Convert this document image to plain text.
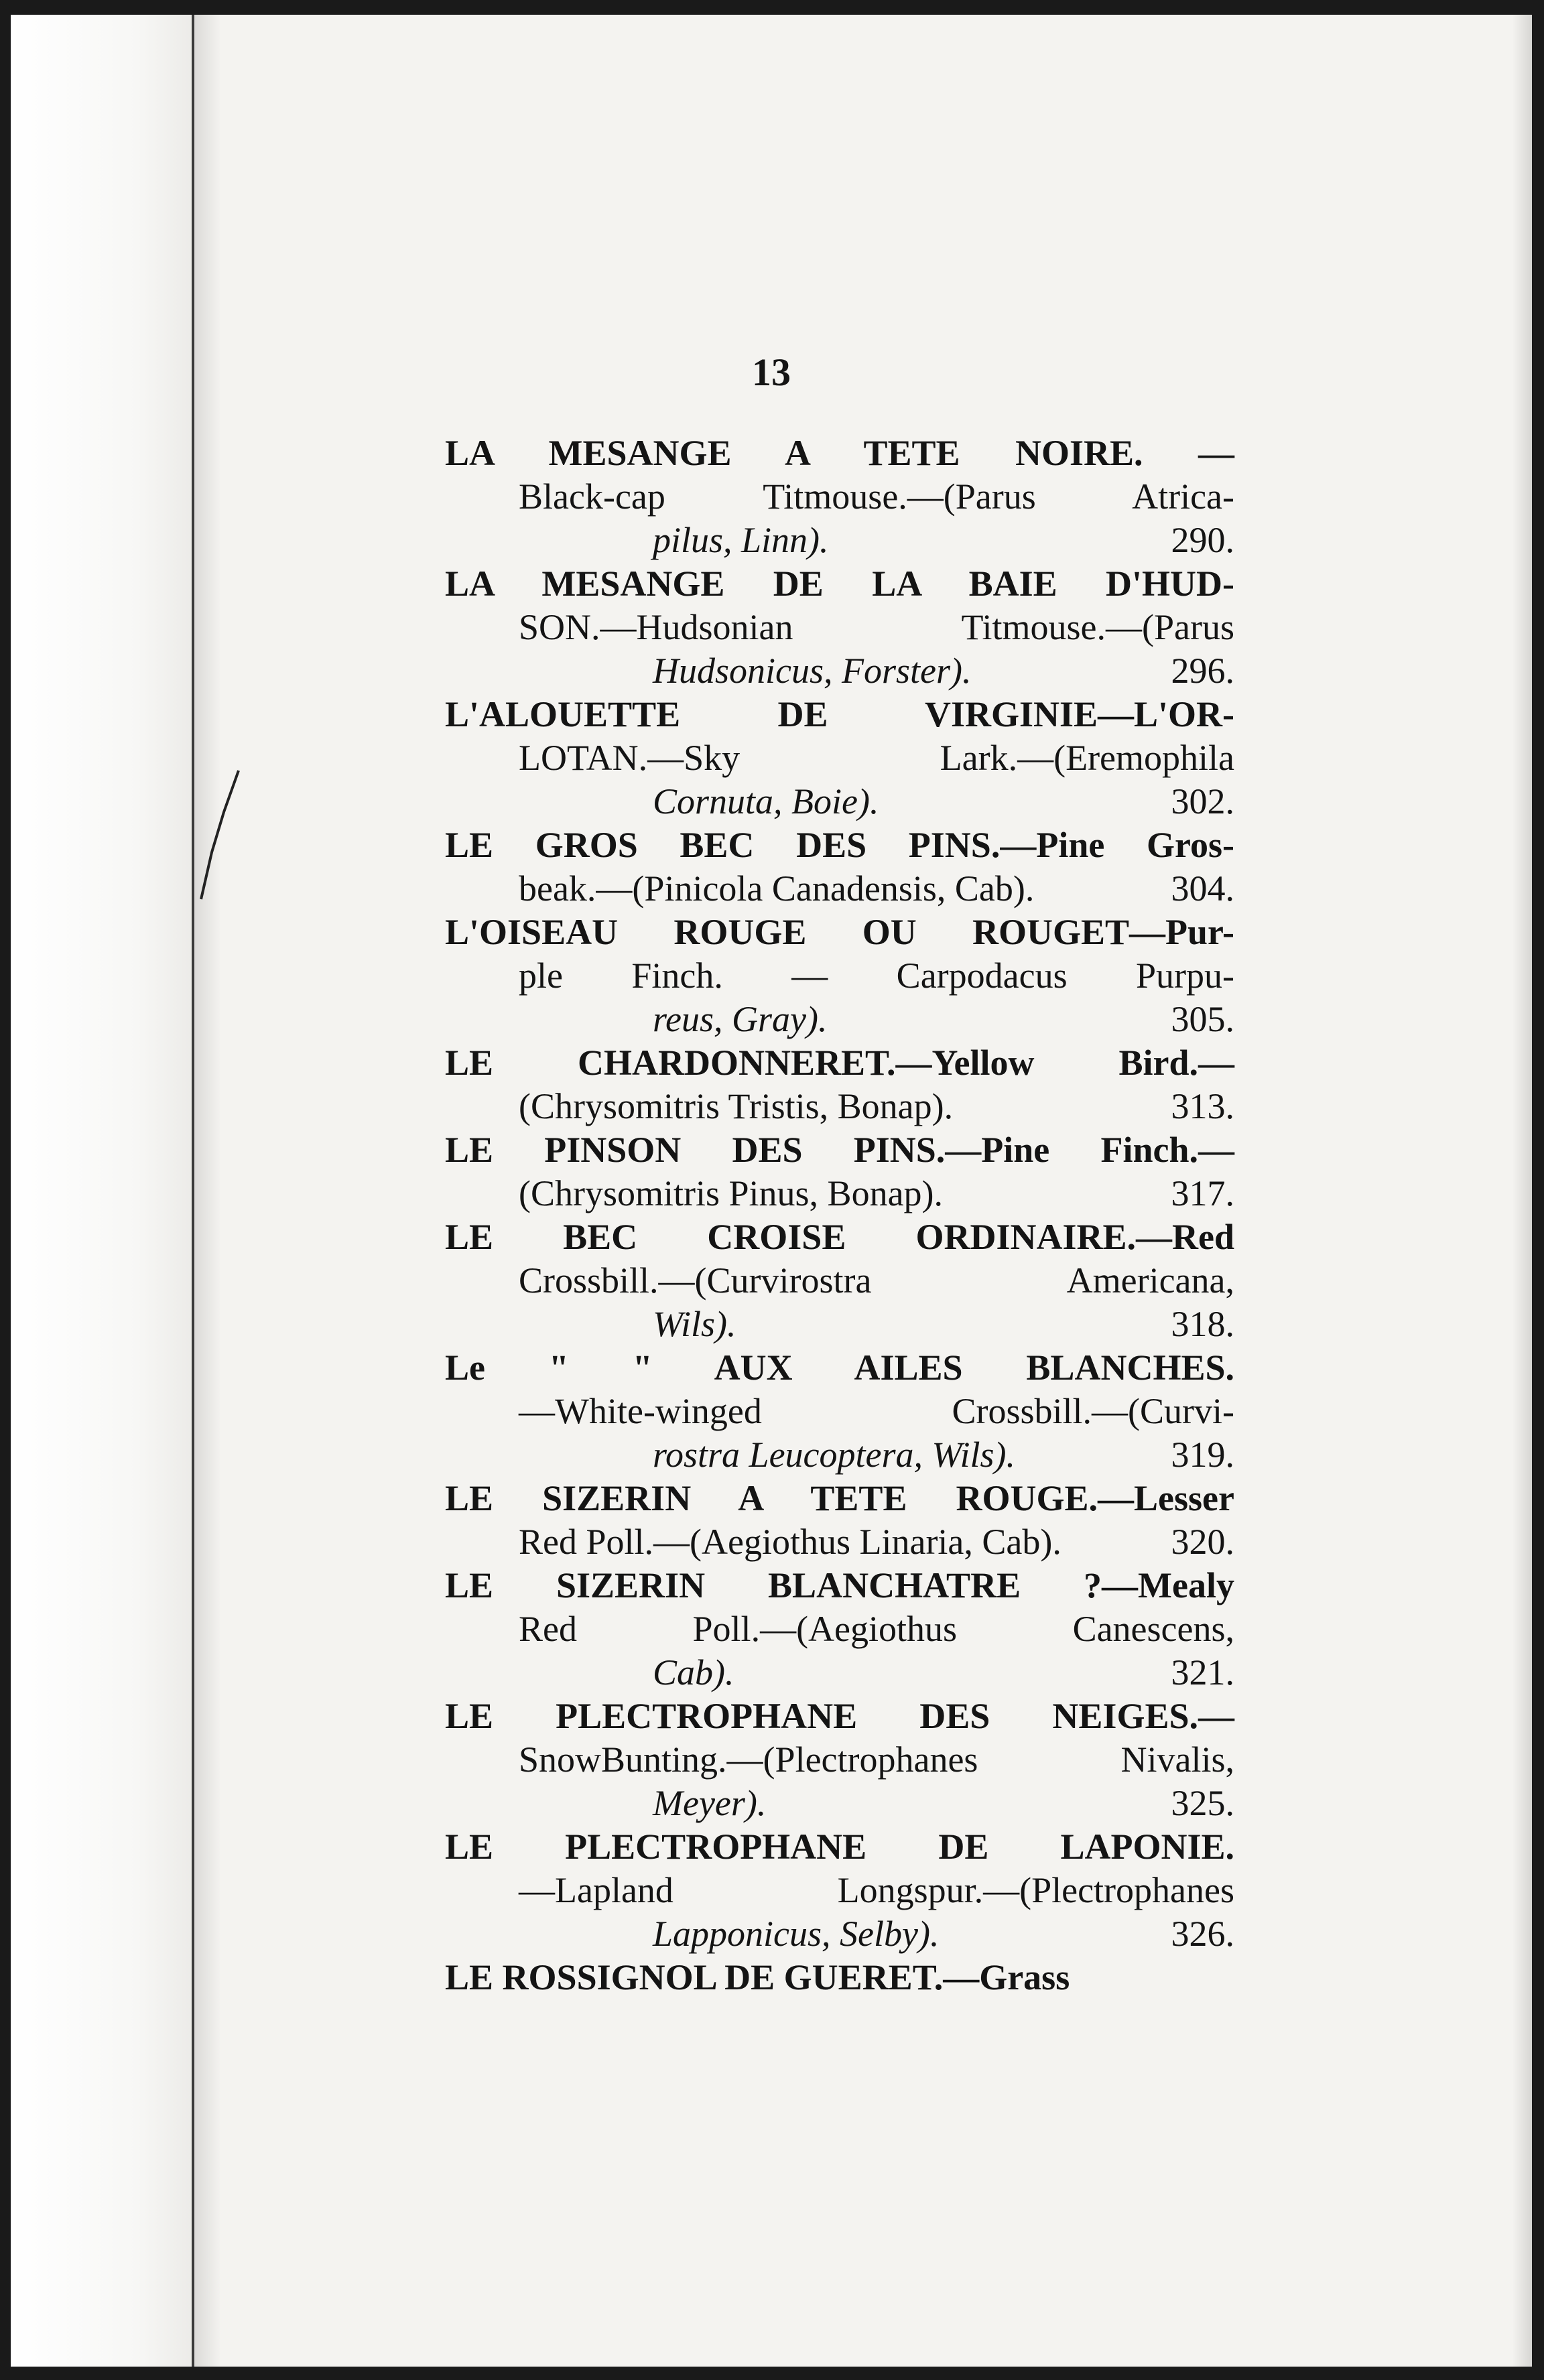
13
LA MESANGE A TETE NOIRE. —
Black-cap Titmouse.—(Parus Atrica-
pilus, Linn).	290.
LA MESANGE DE LA BAIE D'HUD-
SON.—Hudsonian Titmouse.—(Parus
Hudsonicus, Forster).	296.
L'ALOUETTE DE VIRGINIE—L'OR-
LOTAN.—Sky Lark.—(Eremophila
Cornuta, Boie).	302.
LE GROS BEC DES PINS.—Pine Gros-
beak.—(Pinicola Canadensis, Cab).	304.
L'OISEAU ROUGE OU ROUGET—Pur-
ple Finch. — Carpodacus Purpu-
reus, Gray).	305.
LE CHARDONNERET.—Yellow Bird.—
(Chrysomitris Tristis, Bonap).	313.
LE PINSON DES PINS.—Pine Finch.—
(Chrysomitris Pinus, Bonap).	317.
LE BEC CROISE ORDINAIRE.—Red
Crossbill.—(Curvirostra Americana,
Wils).	318.
Le " " AUX AILES BLANCHES.
—White-winged Crossbill.—(Curvi-
rostra Leucoptera, Wils).	319.
LE SIZERIN A TETE ROUGE.—Lesser
Red Poll.—(Aegiothus Linaria, Cab).	320.
LE SIZERIN BLANCHATRE ?—Mealy
Red Poll.—(Aegiothus Canescens,
Cab).	321.
LE PLECTROPHANE DES NEIGES.—
SnowBunting.—(Plectrophanes Nivalis,
Meyer).	325.
LE PLECTROPHANE DE LAPONIE.
—Lapland Longspur.—(Plectrophanes
Lapponicus, Selby).	326.
LE ROSSIGNOL DE GUERET.—Grass
